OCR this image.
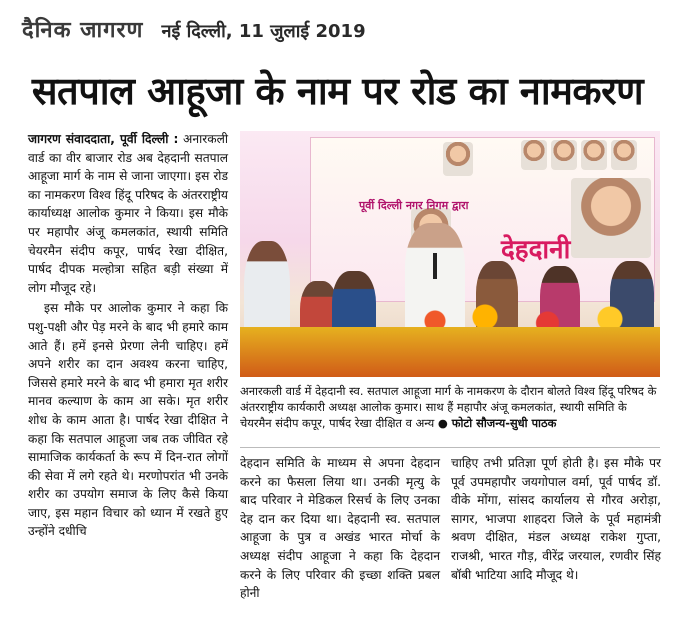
दैनिक जागरण नई दिल्ली, 11 जुलाई 2019
सतपाल आहूजा के नाम पर रोड का नामकरण

जागरण संवाददाता, पूर्वी दिल्ली : अनारकली वार्ड का वीर बाजार रोड अब देहदानी सतपाल आहूजा मार्ग के नाम से जाना जाएगा। इस रोड का नामकरण विश्व हिंदू परिषद के अंतरराष्ट्रीय कार्याध्यक्ष आलोक कुमार ने किया। इस मौके पर महापौर अंजू कमलकांत, स्थायी समिति चेयरमैन संदीप कपूर, पार्षद रेखा दीक्षित, पार्षद दीपक मल्होत्रा सहित बड़ी संख्या में लोग मौजूद रहे।

इस मौके पर आलोक कुमार ने कहा कि पशु-पक्षी और पेड़ मरने के बाद भी हमारे काम आते हैं। हमें इनसे प्रेरणा लेनी चाहिए। हमें अपने शरीर का दान अवश्य करना चाहिए, जिससे हमारे मरने के बाद भी हमारा मृत शरीर मानव कल्याण के काम आ सके। मृत शरीर शोध के काम आता है। पार्षद रेखा दीक्षित ने कहा कि सतपाल आहूजा जब तक जीवित रहे सामाजिक कार्यकर्ता के रूप में दिन-रात लोगों की सेवा में लगे रहते थे। मरणोपरांत भी उनके शरीर का उपयोग समाज के लिए कैसे किया जाए, इस महान विचार को ध्यान में रखते हुए उन्होंने दधीचि

पूर्वी दिल्ली नगर निगम द्वारा
देहदानी
अनारकली वार्ड में देहदानी स्व. सतपाल आहूजा मार्ग के नामकरण के दौरान बोलते विश्व हिंदू परिषद के अंतरराष्ट्रीय कार्यकारी अध्यक्ष आलोक कुमार। साथ हैं महापौर अंजू कमलकांत, स्थायी समिति के चेयरमैन संदीप कपूर, पार्षद रेखा दीक्षित व अन्य ● फोटो सौजन्य-सुधी पाठक
देहदान समिति के माध्यम से अपना देहदान करने का फैसला लिया था। उनकी मृत्यु के बाद परिवार ने मेडिकल रिसर्च के लिए उनका देह दान कर दिया था। देहदानी स्व. सतपाल आहूजा के पुत्र व अखंड भारत मोर्चा के अध्यक्ष संदीप आहूजा ने कहा कि देहदान करने के लिए परिवार की इच्छा शक्ति प्रबल होनी
चाहिए तभी प्रतिज्ञा पूर्ण होती है। इस मौके पर पूर्व उपमहापौर जयगोपाल वर्मा, पूर्व पार्षद डॉ. वीके मोंगा, सांसद कार्यालय से गौरव अरोड़ा, सागर, भाजपा शाहदरा जिले के पूर्व महामंत्री श्रवण दीक्षित, मंडल अध्यक्ष राकेश गुप्ता, राजश्री, भारत गौड़, वीरेंद्र जरयाल, रणवीर सिंह बॉबी भाटिया आदि मौजूद थे।
